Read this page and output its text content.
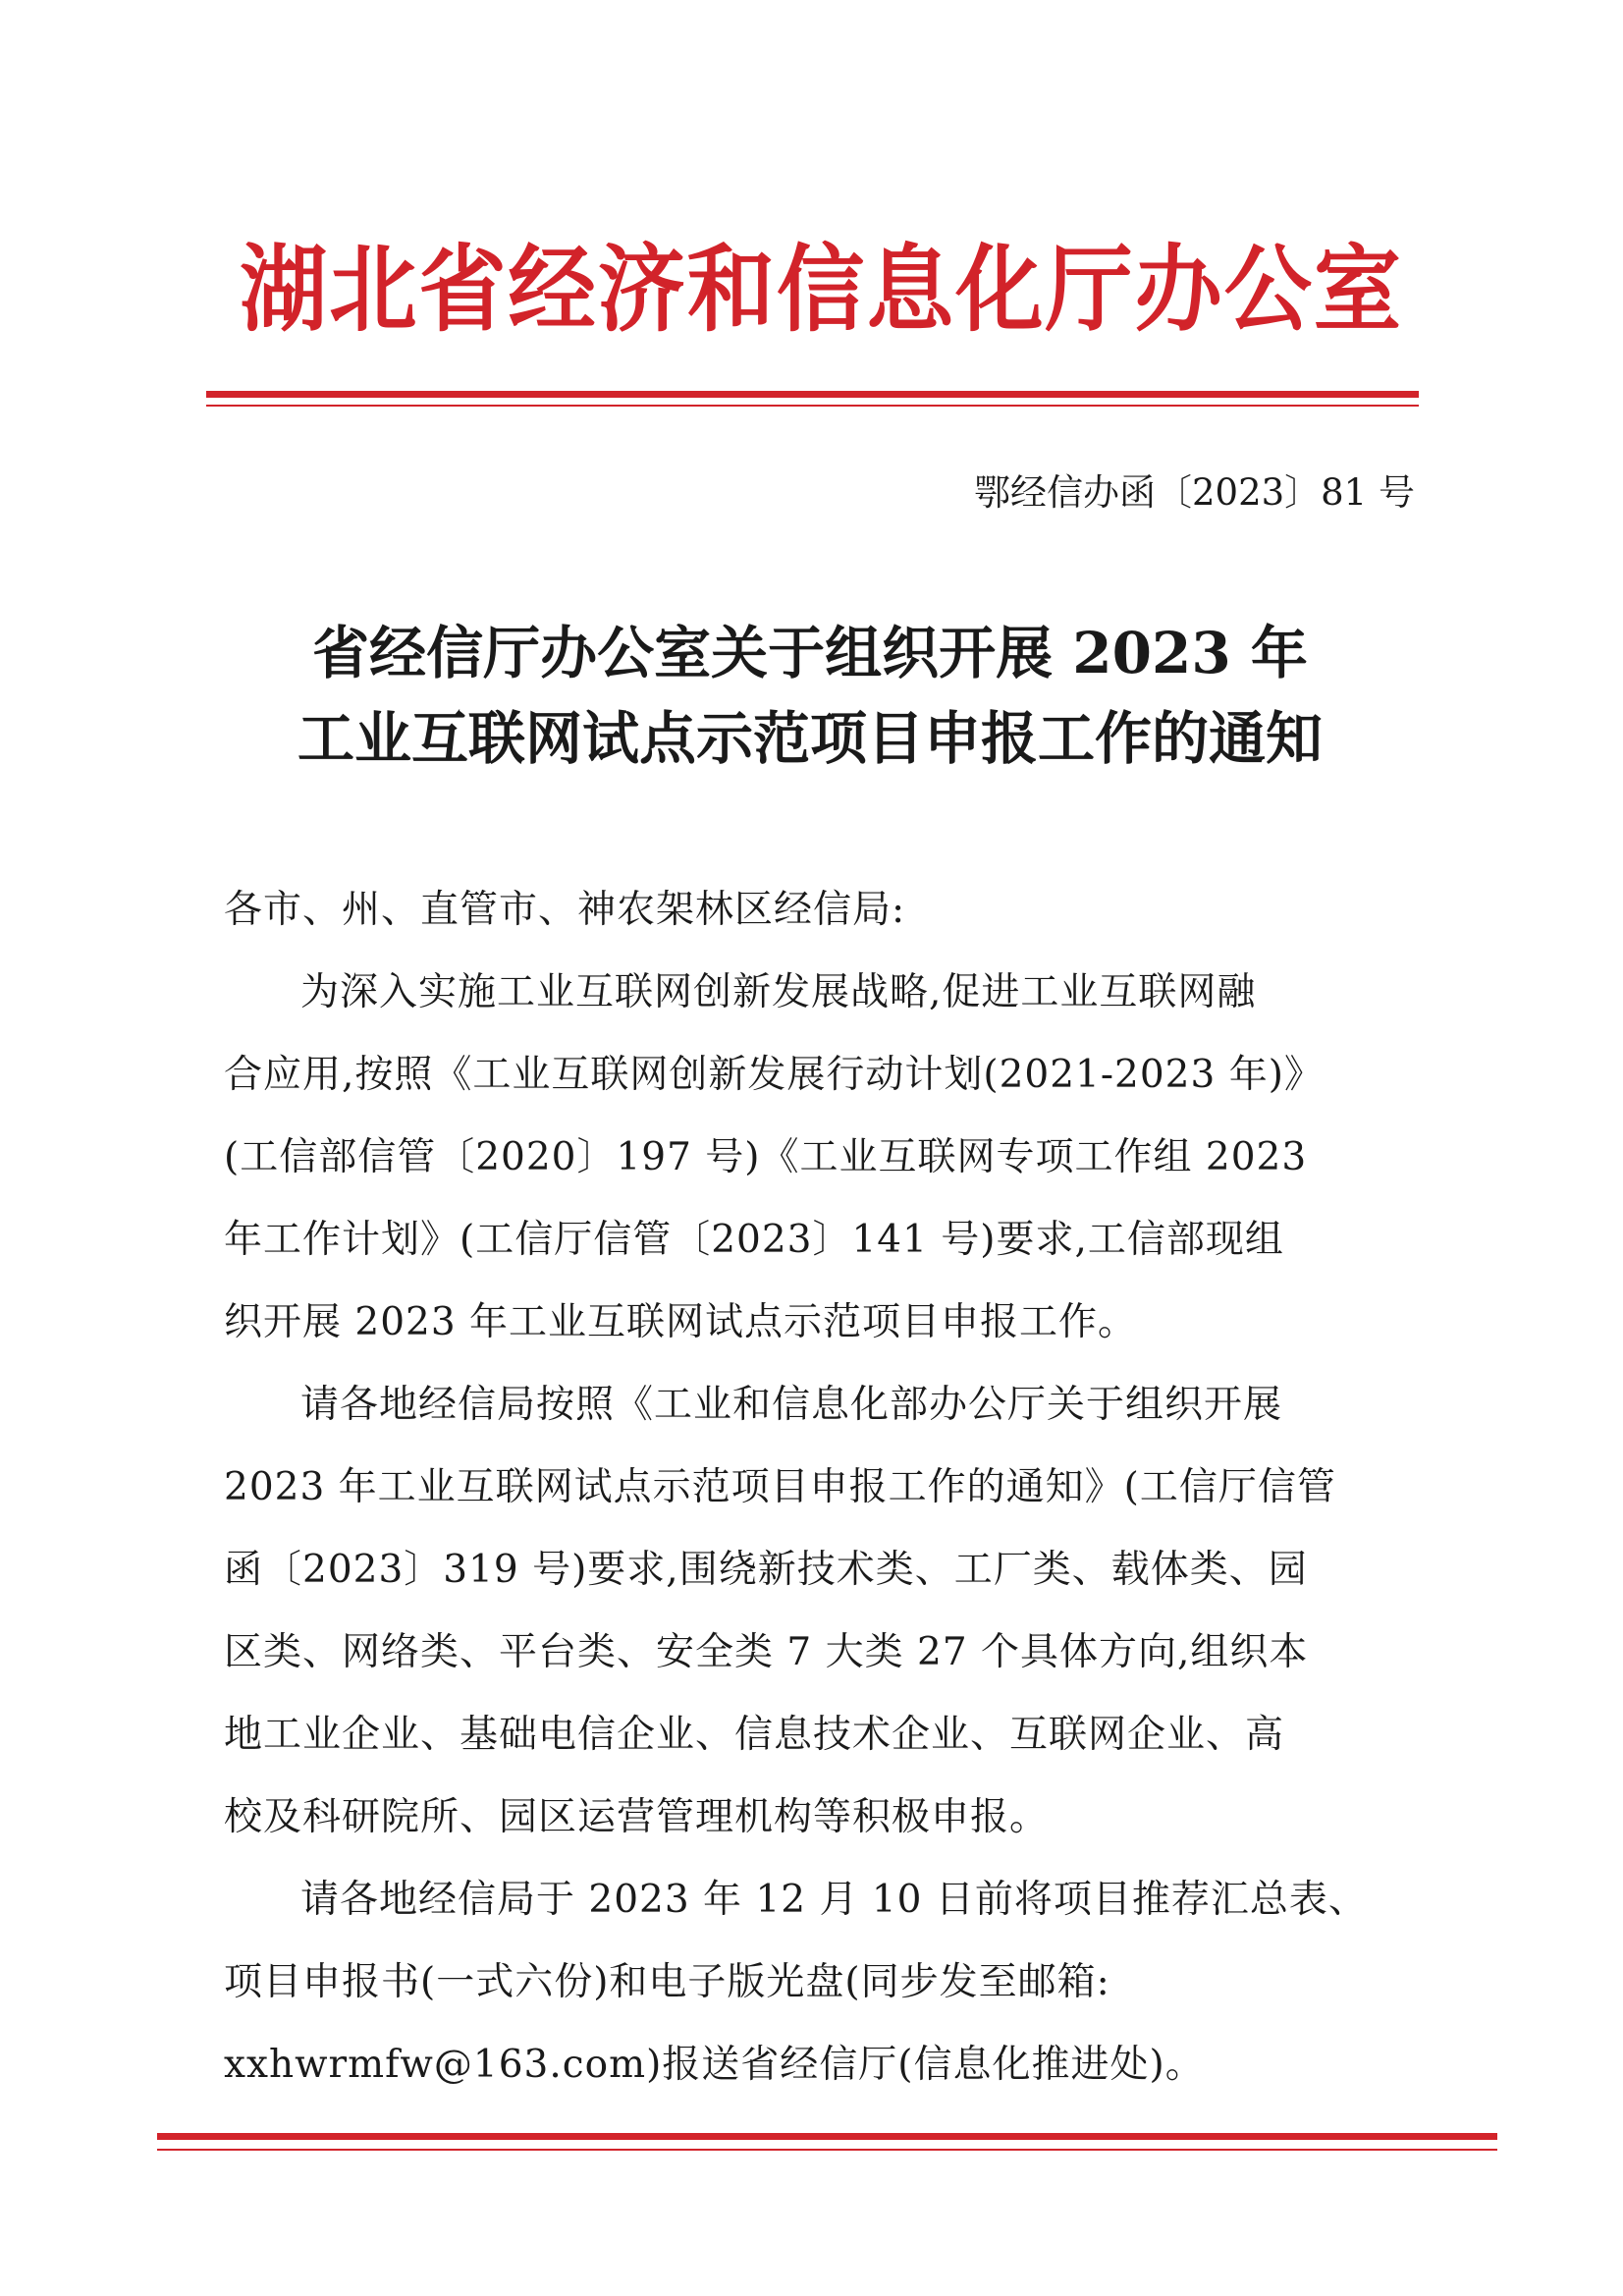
湖北省经济和信息化厅办公室
鄂经信办函〔2023〕81 号
省经信厅办公室关于组织开展 2023 年
工业互联网试点示范项目申报工作的通知

各市、州、直管市、神农架林区经信局:

为深入实施工业互联网创新发展战略,促进工业互联网融

合应用,按照《工业互联网创新发展行动计划(2021-2023 年)》

(工信部信管〔2020〕197 号)《工业互联网专项工作组 2023

年工作计划》(工信厅信管〔2023〕141 号)要求,工信部现组

织开展 2023 年工业互联网试点示范项目申报工作。

请各地经信局按照《工业和信息化部办公厅关于组织开展

2023 年工业互联网试点示范项目申报工作的通知》(工信厅信管

函〔2023〕319 号)要求,围绕新技术类、工厂类、载体类、园

区类、网络类、平台类、安全类 7 大类 27 个具体方向,组织本

地工业企业、基础电信企业、信息技术企业、互联网企业、高

校及科研院所、园区运营管理机构等积极申报。

请各地经信局于 2023 年 12 月 10 日前将项目推荐汇总表、

项目申报书(一式六份)和电子版光盘(同步发至邮箱:

xxhwrmfw@163.com)报送省经信厅(信息化推进处)。
